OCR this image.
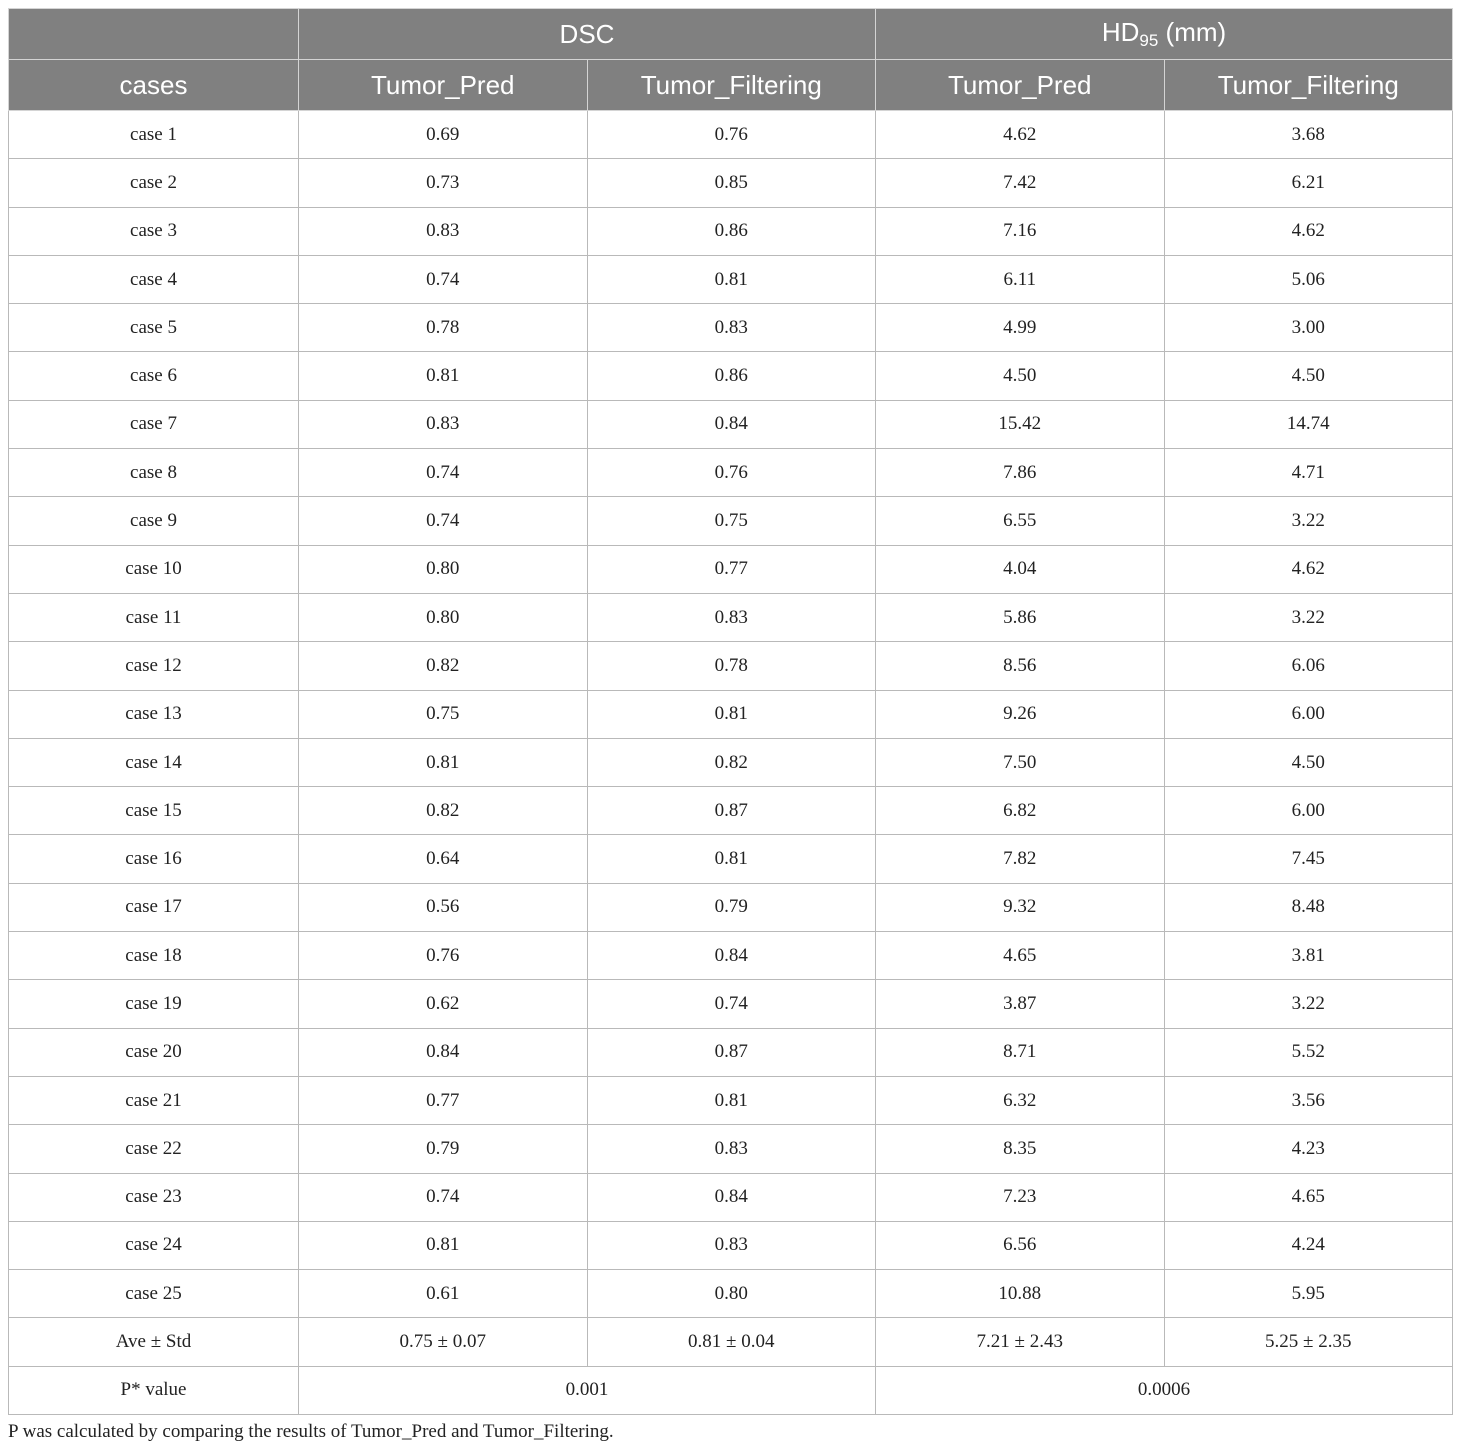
	DSC		$HD_{95}$ (mm)	
cases	Tumor_Pred	Tumor_Filtering	Tumor_Pred	Tumor_Filtering
case 1	0.69	0.76	4.62	3.68
case 2	0.73	0.85	7.42	6.21
case 3	0.83	0.86	7.16	4.62
case 4	0.74	0.81	6.11	5.06
case 5	0.78	0.83	4.99	3.00
case 6	0.81	0.86	4.50	4.50
case 7	0.83	0.84	15.42	14.74
case 8	0.74	0.76	7.86	4.71
case 9	0.74	0.75	6.55	3.22
case 10	0.80	0.77	4.04	4.62
case 11	0.80	0.83	5.86	3.22
case 12	0.82	0.78	8.56	6.06
case 13	0.75	0.81	9.26	6.00
case 14	0.81	0.82	7.50	4.50
case 15	0.82	0.87	6.82	6.00
case 16	0.64	0.81	7.82	7.45
case 17	0.56	0.79	9.32	8.48
case 18	0.76	0.84	4.65	3.81
case 19	0.62	0.74	3.87	3.22
case 20	0.84	0.87	8.71	5.52
case 21	0.77	0.81	6.32	3.56
case 22	0.79	0.83	8.35	4.23
case 23	0.74	0.84	7.23	4.65
case 24	0.81	0.83	6.56	4.24
case 25	0.61	0.80	10.88	5.95
Ave ± Std	0.75 ± 0.07	0.81 ± 0.04	7.21 ± 2.43	5.25 ± 2.35
P* value	0.001		0.0006	
P was calculated by comparing the results of Tumor_Pred and Tumor_Filtering.
